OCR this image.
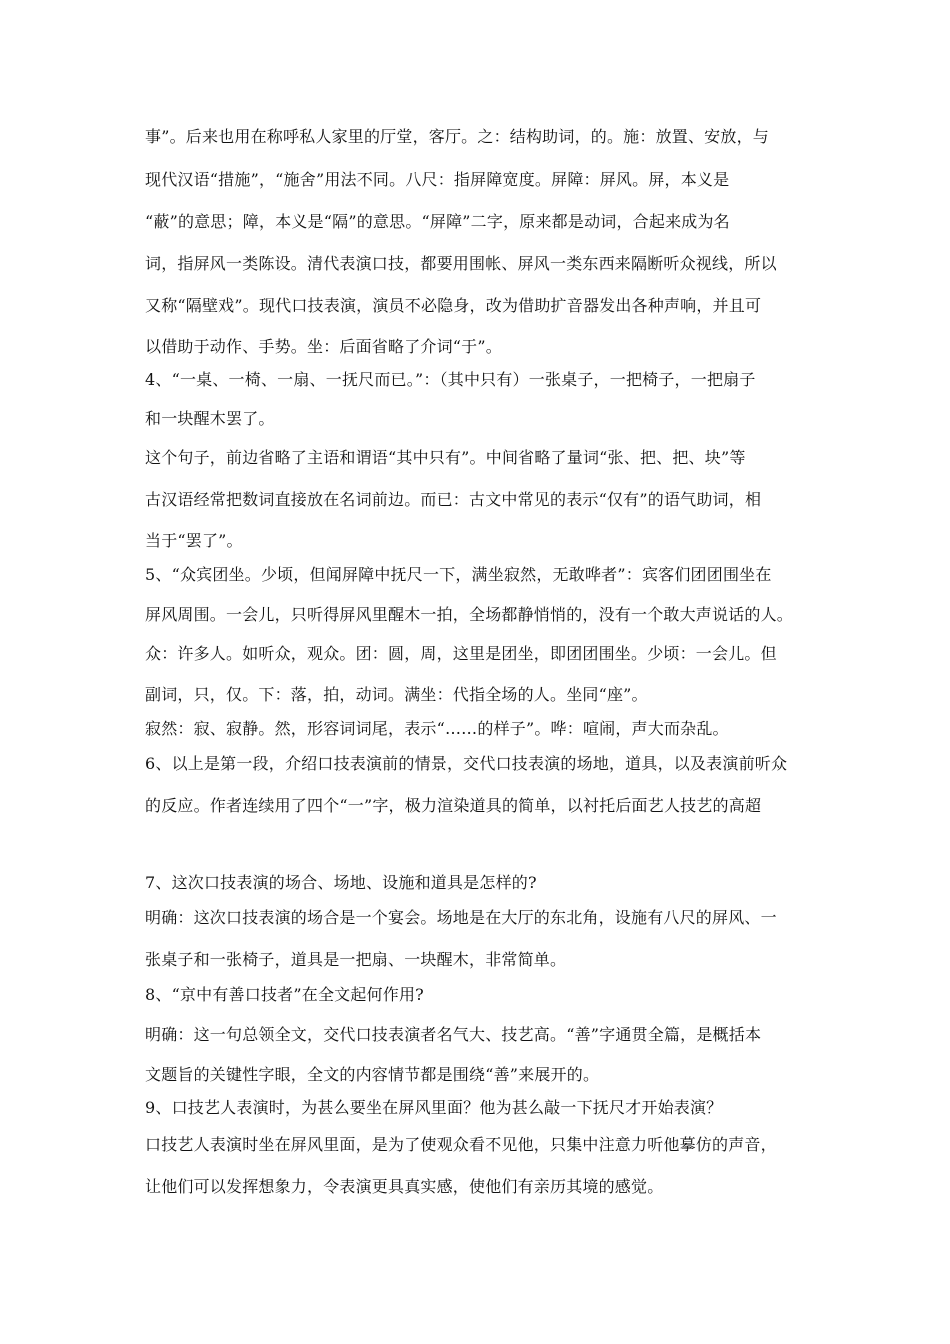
事”。后来也用在称呼私人家里的厅堂，客厅。之：结构助词，的。施：放置、安放，与
现代汉语“措施”，“施舍”用法不同。八尺：指屏障宽度。屏障：屏风。屏，本义是
“蔽”的意思；障，本义是“隔”的意思。“屏障”二字，原来都是动词，合起来成为名
词，指屏风一类陈设。清代表演口技，都要用围帐、屏风一类东西来隔断听众视线，所以
又称“隔壁戏”。现代口技表演，演员不必隐身，改为借助扩音器发出各种声响，并且可
以借助于动作、手势。坐：后面省略了介词“于”。
4、“一桌、一椅、一扇、一抚尺而已。”：（其中只有）一张桌子，一把椅子，一把扇子
和一块醒木罢了。
这个句子，前边省略了主语和谓语“其中只有”。中间省略了量词“张、把、把、块”等
古汉语经常把数词直接放在名词前边。而已：古文中常见的表示“仅有”的语气助词，相
当于“罢了”。
5、“众宾团坐。少顷，但闻屏障中抚尺一下，满坐寂然，无敢哗者”：宾客们团团围坐在
屏风周围。一会儿，只听得屏风里醒木一拍，全场都静悄悄的，没有一个敢大声说话的人。
众：许多人。如听众，观众。团：圆，周，这里是团坐，即团团围坐。少顷：一会儿。但
副词，只，仅。下：落，拍，动词。满坐：代指全场的人。坐同“座”。
寂然：寂、寂静。然，形容词词尾，表示“……的样子”。哗：喧闹，声大而杂乱。
6、以上是第一段，介绍口技表演前的情景，交代口技表演的场地，道具，以及表演前听众
的反应。作者连续用了四个“一”字，极力渲染道具的简单，以衬托后面艺人技艺的高超
7、这次口技表演的场合、场地、设施和道具是怎样的?
明确：这次口技表演的场合是一个宴会。场地是在大厅的东北角，设施有八尺的屏风、一
张桌子和一张椅子，道具是一把扇、一块醒木，非常简单。
8、“京中有善口技者”在全文起何作用?
明确：这一句总领全文，交代口技表演者名气大、技艺高。“善”字通贯全篇，是概括本
文题旨的关键性字眼，全文的内容情节都是围绕“善”来展开的。
9、口技艺人表演时，为甚么要坐在屏风里面？他为甚么敲一下抚尺才开始表演？
口技艺人表演时坐在屏风里面，是为了使观众看不见他，只集中注意力听他摹仿的声音，
让他们可以发挥想象力，令表演更具真实感，使他们有亲历其境的感觉。
